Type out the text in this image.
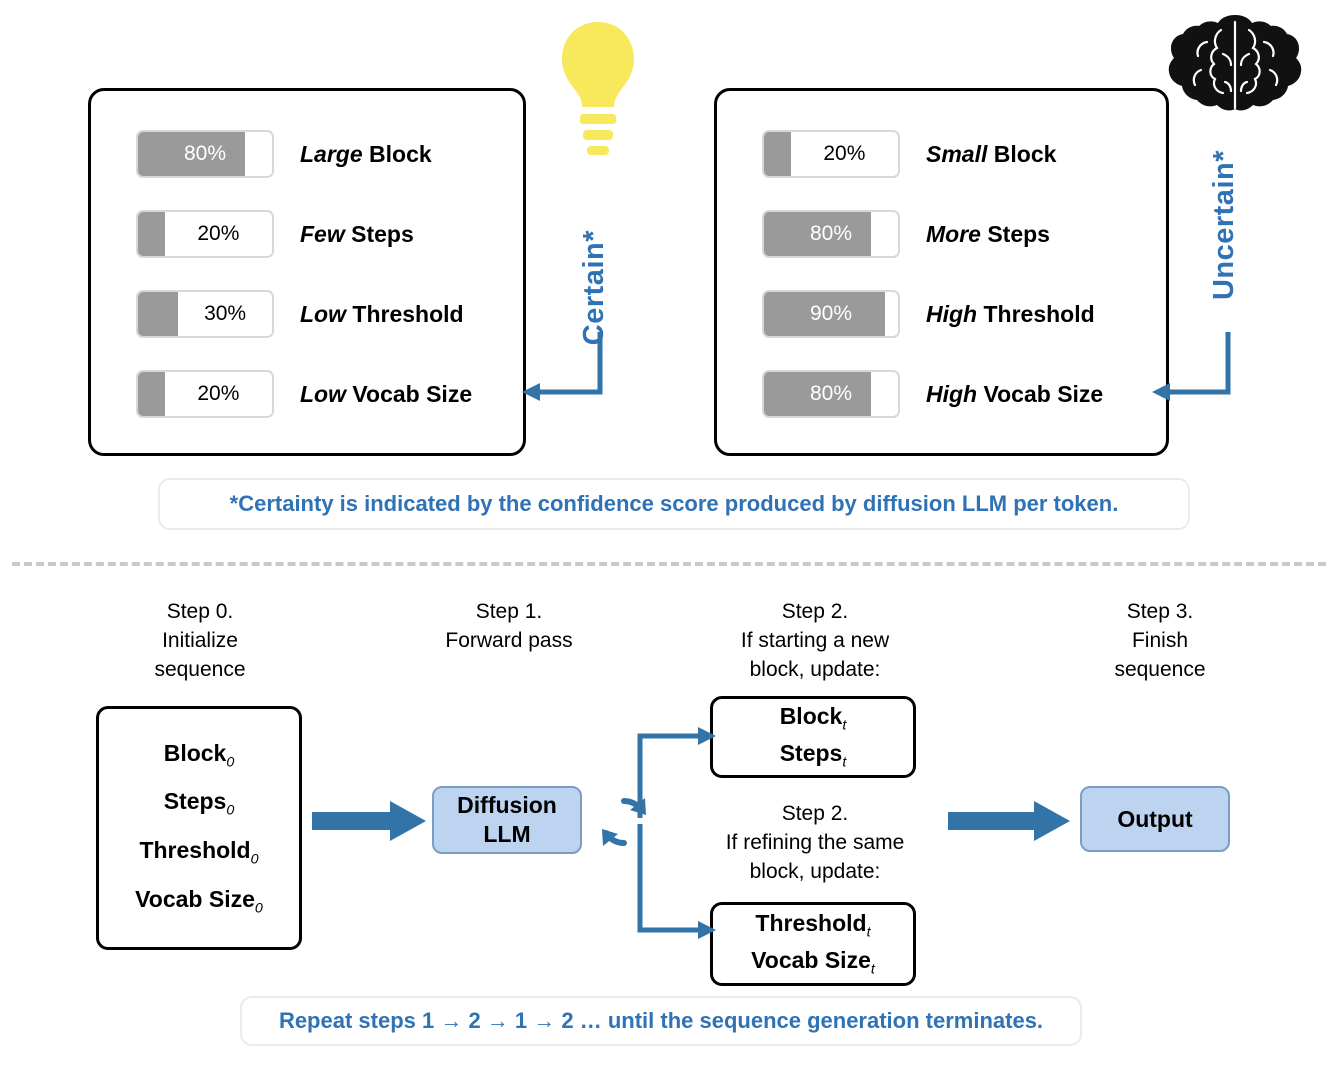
80%	Large Block
20%	Few Steps
30%	Low Threshold
20%	Low Vocab Size
20%	Small Block
80%	More Steps
90%	High Threshold
80%	High Vocab Size
Certain*	Uncertain*
*Certainty is indicated by the confidence score produced by diffusion LLM per token.
Step 0.
Initialize
sequence
Step 1.
Forward pass
Step 2.
If starting a new
block, update:
Step 2.
If refining the same
block, update:
Step 3.
Finish
sequence
Block$_0$
Steps$_0$
Threshold$_0$
Vocab Size$_0$
Block$_t$
Steps$_t$
Threshold$_t$
Vocab Size$_t$
Diffusion
LLM
Output
Repeat steps 1 → 2 → 1 → 2 … until the sequence generation terminates.
